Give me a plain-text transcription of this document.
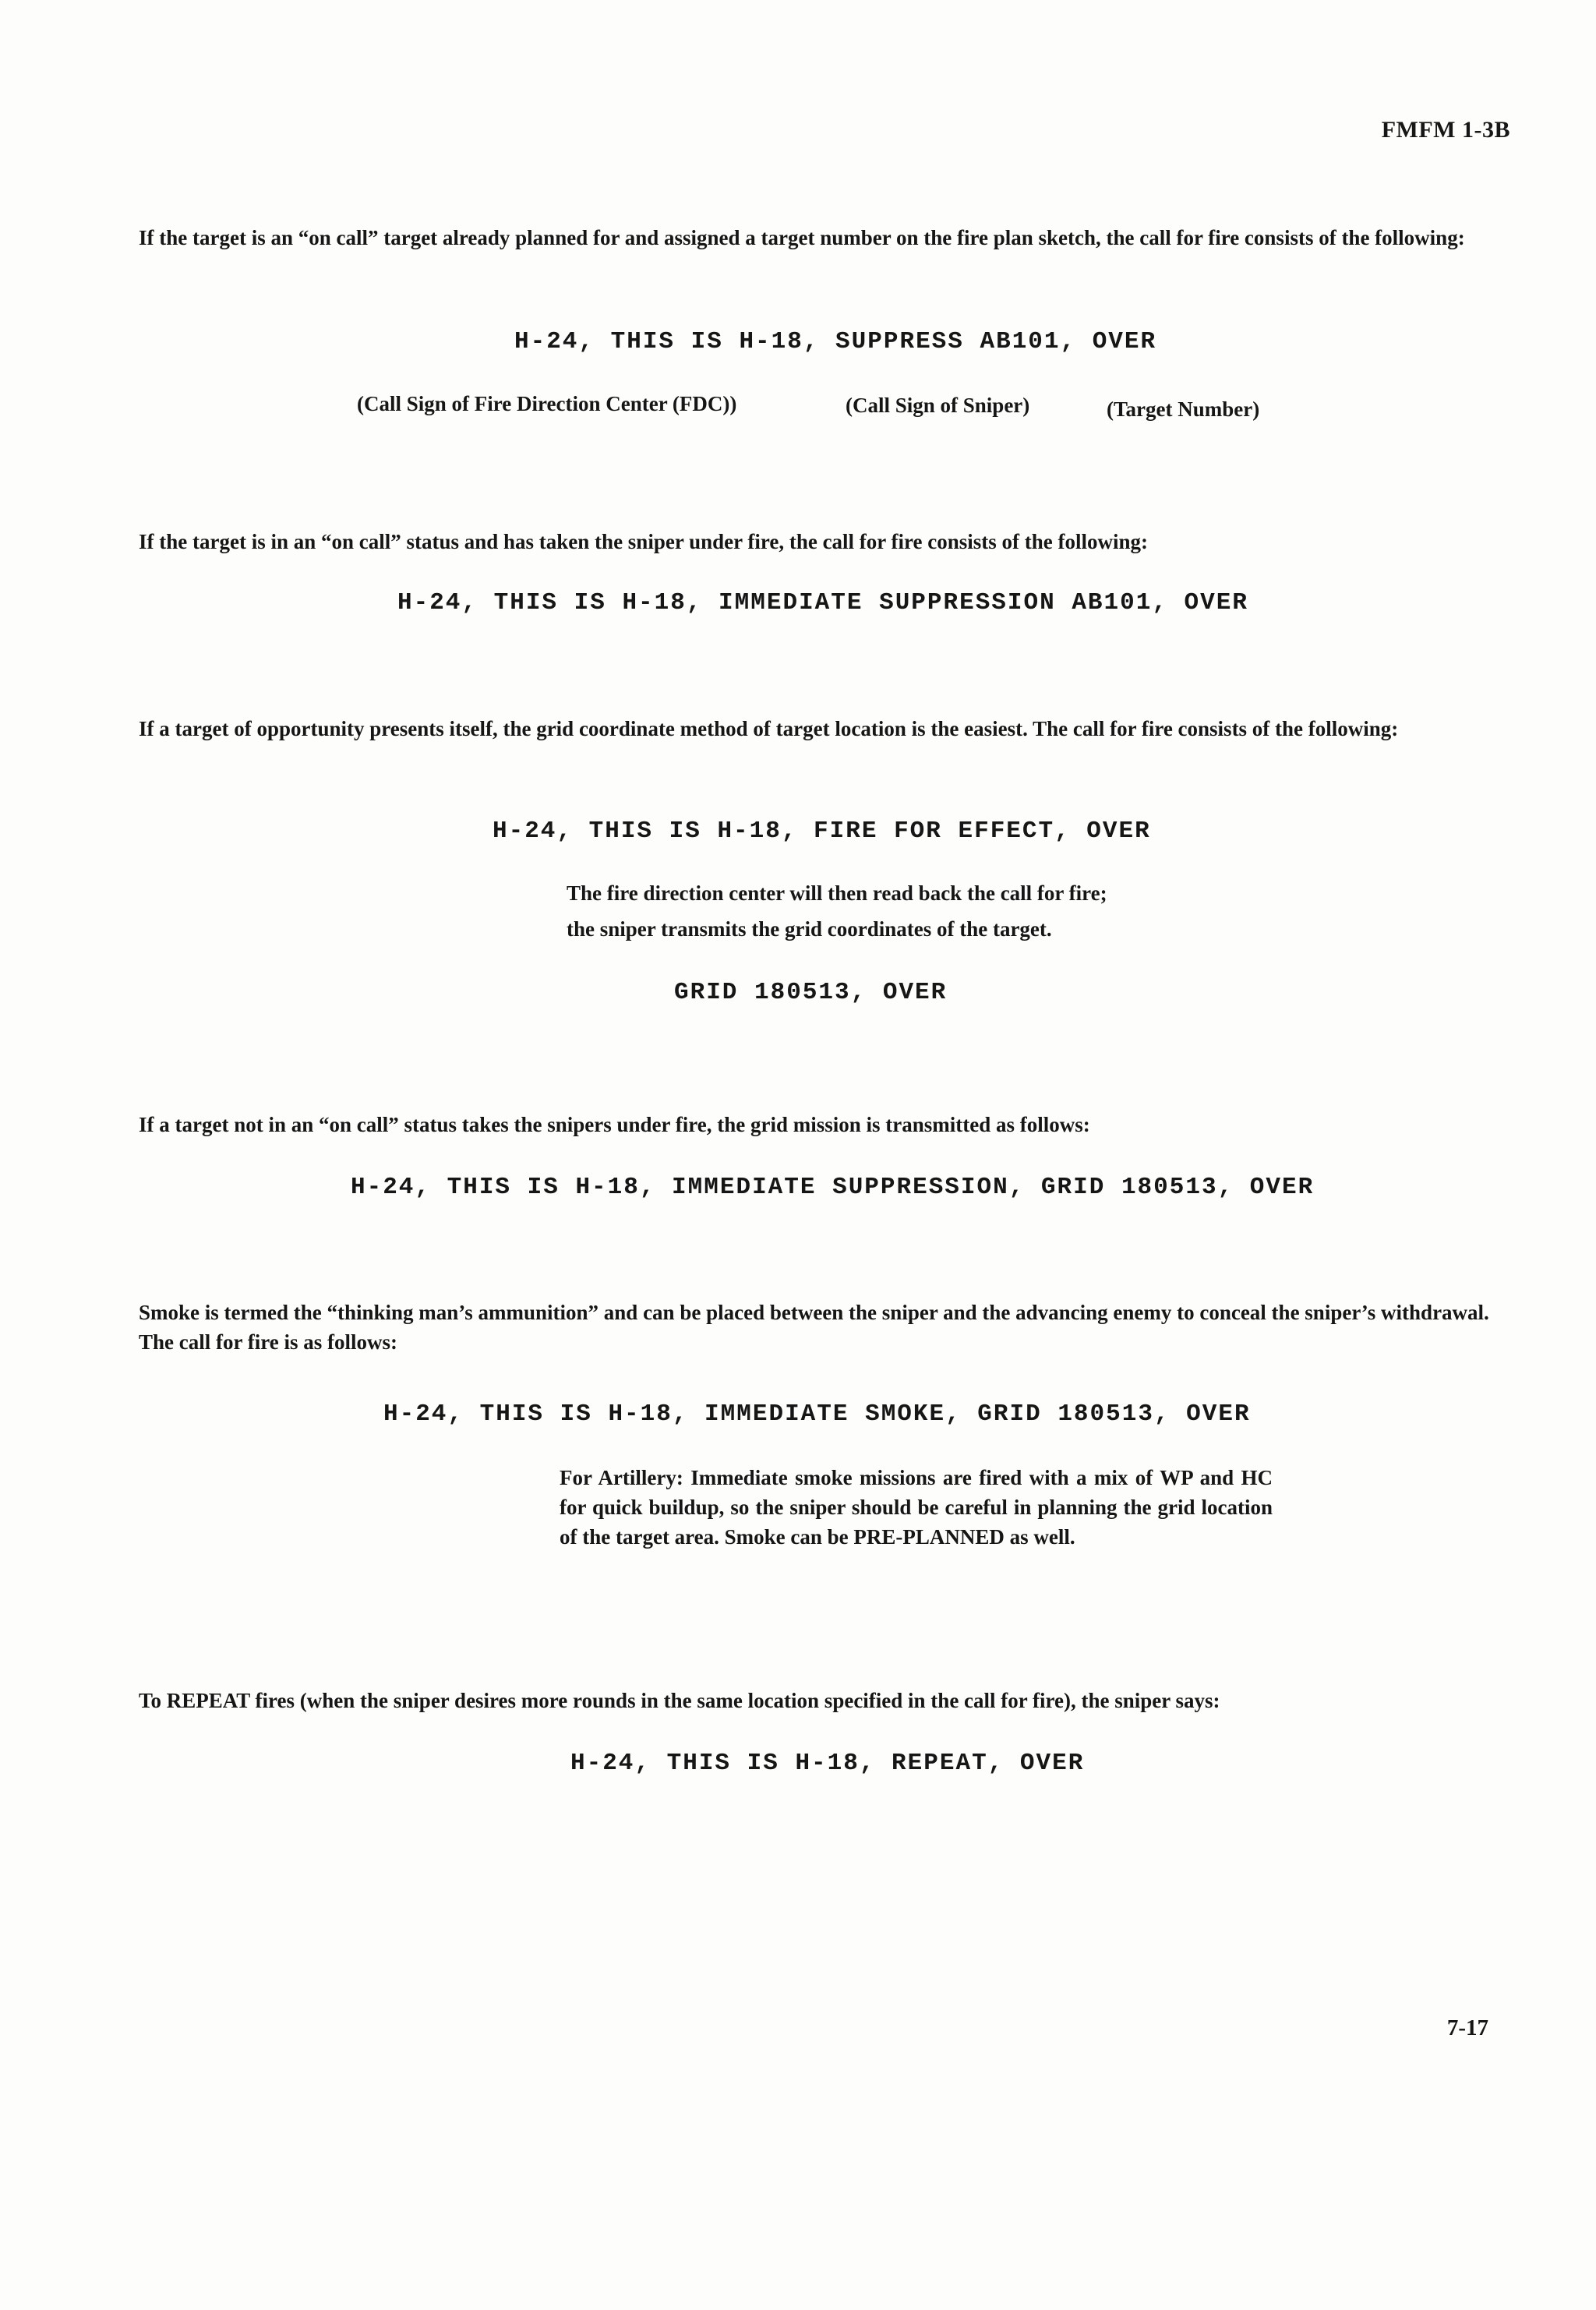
FMFM 1-3B
If the target is an “on call” target already planned for and assigned a target number on the fire plan sketch, the call for fire consists of the following:
H-24, THIS IS H-18, SUPPRESS AB101, OVER
(Call Sign of Fire Direction Center (FDC))	(Call Sign of Sniper)	(Target Number)
If the target is in an “on call” status and has taken the sniper under fire, the call for fire consists of the following:
H-24, THIS IS H-18, IMMEDIATE SUPPRESSION AB101, OVER
If a target of opportunity presents itself, the grid coordinate method of target location is the easiest. The call for fire consists of the following:
H-24, THIS IS H-18, FIRE FOR EFFECT, OVER
The fire direction center will then read back the call for fire;
the sniper transmits the grid coordinates of the target.
GRID 180513, OVER
If a target not in an “on call” status takes the snipers under fire, the grid mission is transmitted as follows:
H-24, THIS IS H-18, IMMEDIATE SUPPRESSION, GRID 180513, OVER
Smoke is termed the “thinking man’s ammunition” and can be placed between the sniper and the advancing enemy to conceal the sniper’s withdrawal. The call for fire is as follows:
H-24, THIS IS H-18, IMMEDIATE SMOKE, GRID 180513, OVER
For Artillery: Immediate smoke missions are fired with a mix of WP and HC for quick buildup, so the sniper should be careful in planning the grid location of the target area. Smoke can be PRE-PLANNED as well.
To REPEAT fires (when the sniper desires more rounds in the same location specified in the call for fire), the sniper says:
H-24, THIS IS H-18, REPEAT, OVER
7-17
